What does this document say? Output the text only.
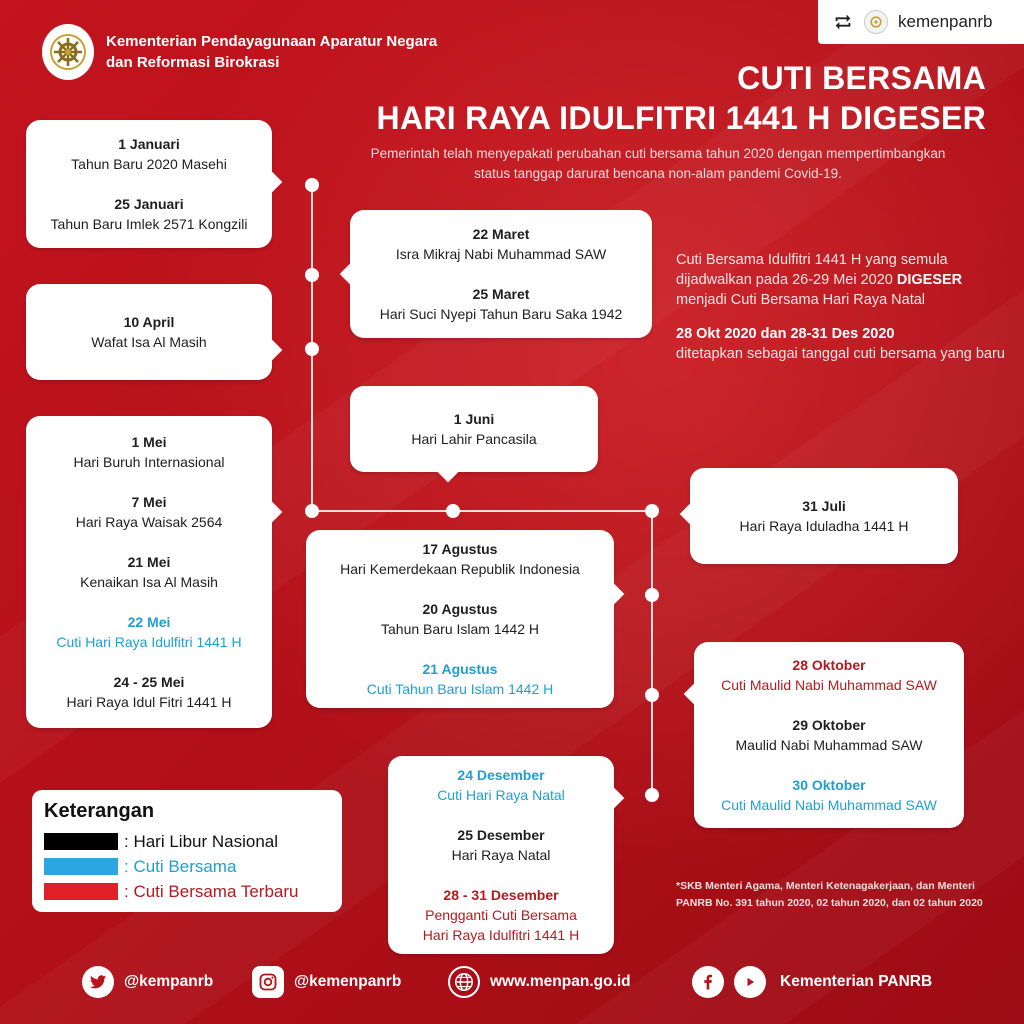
kemenpanrb
Kementerian Pendayagunaan Aparatur Negara
dan Reformasi Birokrasi	CUTI BERSAMA
HARI RAYA IDULFITRI 1441 H DIGESER
Pemerintah telah menyepakati perubahan cuti bersama tahun 2020 dengan mempertimbangkan status tanggap darurat bencana non-alam pandemi Covid-19.
Cuti Bersama Idulfitri 1441 H yang semula dijadwalkan pada 26-29 Mei 2020 DIGESER menjadi Cuti Bersama Hari Raya Natal
28 Okt 2020 dan 28-31 Des 2020
ditetapkan sebagai tanggal cuti bersama yang baru
1 Januari
Tahun Baru 2020 Masehi
25 Januari
Tahun Baru Imlek 2571 Kongzili
22 Maret
Isra Mikraj Nabi Muhammad SAW
25 Maret
Hari Suci Nyepi Tahun Baru Saka 1942
10 April
Wafat Isa Al Masih
1 Juni
Hari Lahir Pancasila
1 Mei
Hari Buruh Internasional
7 Mei
Hari Raya Waisak 2564
21 Mei
Kenaikan Isa Al Masih
22 Mei
Cuti Hari Raya Idulfitri 1441 H
24 - 25 Mei
Hari Raya Idul Fitri 1441 H
31 Juli
Hari Raya Iduladha 1441 H
17 Agustus
Hari Kemerdekaan Republik Indonesia
20 Agustus
Tahun Baru Islam 1442 H
21 Agustus
Cuti Tahun Baru Islam 1442 H
28 Oktober
Cuti Maulid Nabi Muhammad SAW
29 Oktober
Maulid Nabi Muhammad SAW
30 Oktober
Cuti Maulid Nabi Muhammad SAW
24 Desember
Cuti Hari Raya Natal
25 Desember
Hari Raya Natal
28 - 31 Desember
Pengganti Cuti Bersama
Hari Raya Idulfitri 1441 H
Keterangan
: Hari Libur Nasional
: Cuti Bersama
: Cuti Bersama Terbaru	*SKB Menteri Agama, Menteri Ketenagakerjaan, dan Menteri PANRB No. 391 tahun 2020, 02 tahun 2020, dan 02 tahun 2020
@kempanrb	@kemenpanrb	www.menpan.go.id	Kementerian PANRB
